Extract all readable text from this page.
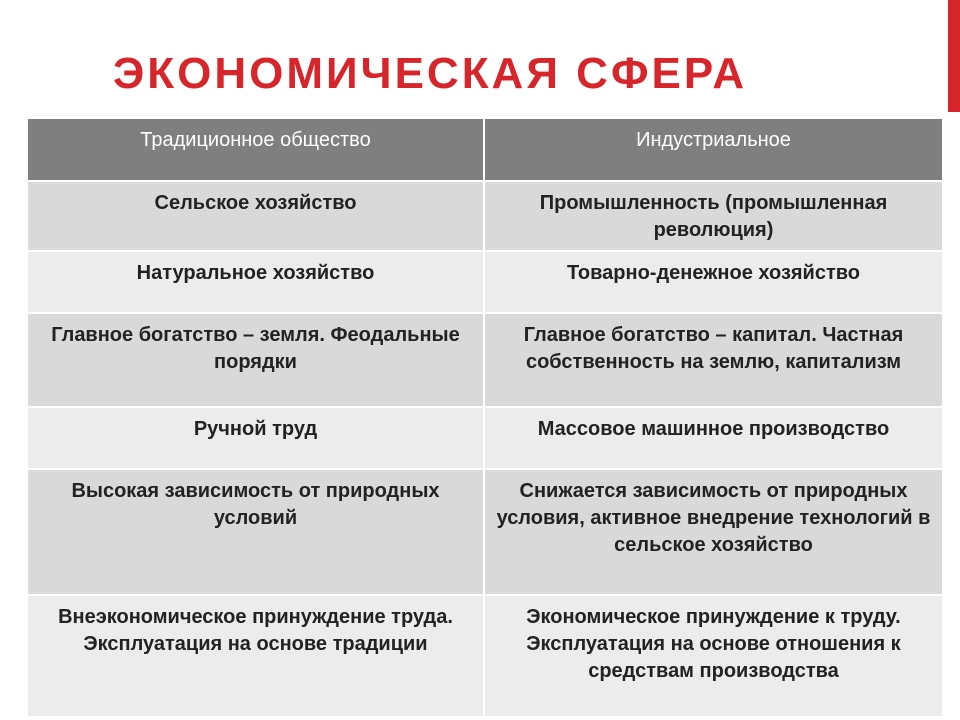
ЭКОНОМИЧЕСКАЯ СФЕРА
Традиционное общество	Индустриальное
Сельское хозяйство	Промышленность (промышленная революция)
Натуральное хозяйство	Товарно-денежное хозяйство
Главное богатство – земля. Феодальные порядки	Главное богатство – капитал. Частная собственность на землю, капитализм
Ручной труд	Массовое машинное производство
Высокая зависимость от природных условий	Снижается зависимость от природных условия, активное внедрение технологий в сельское хозяйство
Внеэкономическое принуждение труда. Эксплуатация на основе традиции	Экономическое принуждение к труду. Эксплуатация на основе отношения к средствам производства
